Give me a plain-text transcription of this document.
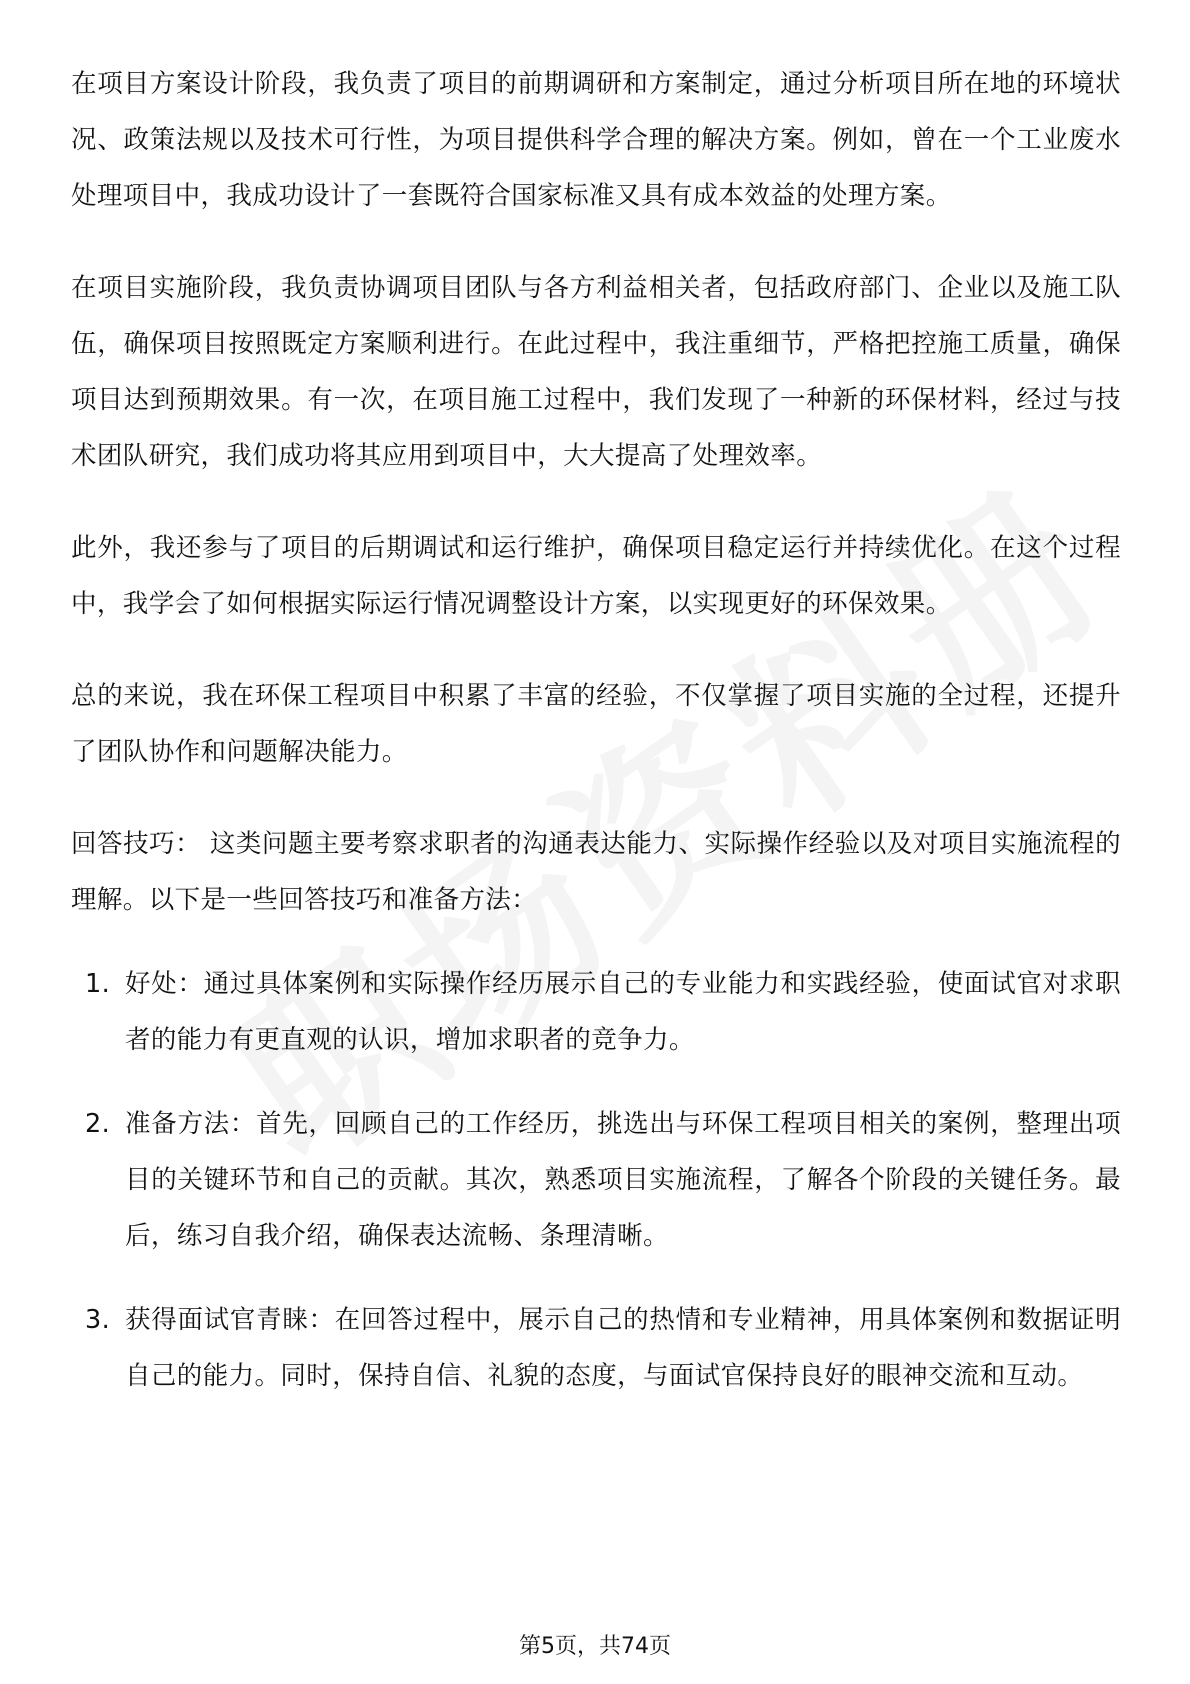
在项目方案设计阶段，我负责了项目的前期调研和方案制定，通过分析项目所在地的环境状况、政策法规以及技术可行性，为项目提供科学合理的解决方案。例如，曾在一个工业废水处理项目中，我成功设计了一套既符合国家标准又具有成本效益的处理方案。

在项目实施阶段，我负责协调项目团队与各方利益相关者，包括政府部门、企业以及施工队伍，确保项目按照既定方案顺利进行。在此过程中，我注重细节，严格把控施工质量，确保项目达到预期效果。有一次，在项目施工过程中，我们发现了一种新的环保材料，经过与技术团队研究，我们成功将其应用到项目中，大大提高了处理效率。

此外，我还参与了项目的后期调试和运行维护，确保项目稳定运行并持续优化。在这个过程中，我学会了如何根据实际运行情况调整设计方案，以实现更好的环保效果。

总的来说，我在环保工程项目中积累了丰富的经验，不仅掌握了项目实施的全过程，还提升了团队协作和问题解决能力。

回答技巧： 这类问题主要考察求职者的沟通表达能力、实际操作经验以及对项目实施流程的理解。以下是一些回答技巧和准备方法：

1. 好处：通过具体案例和实际操作经历展示自己的专业能力和实践经验，使面试官对求职者的能力有更直观的认识，增加求职者的竞争力。
2. 准备方法：首先，回顾自己的工作经历，挑选出与环保工程项目相关的案例，整理出项目的关键环节和自己的贡献。其次，熟悉项目实施流程，了解各个阶段的关键任务。最后，练习自我介绍，确保表达流畅、条理清晰。
3. 获得面试官青睐：在回答过程中，展示自己的热情和专业精神，用具体案例和数据证明自己的能力。同时，保持自信、礼貌的态度，与面试官保持良好的眼神交流和互动。
第5页，共74页
